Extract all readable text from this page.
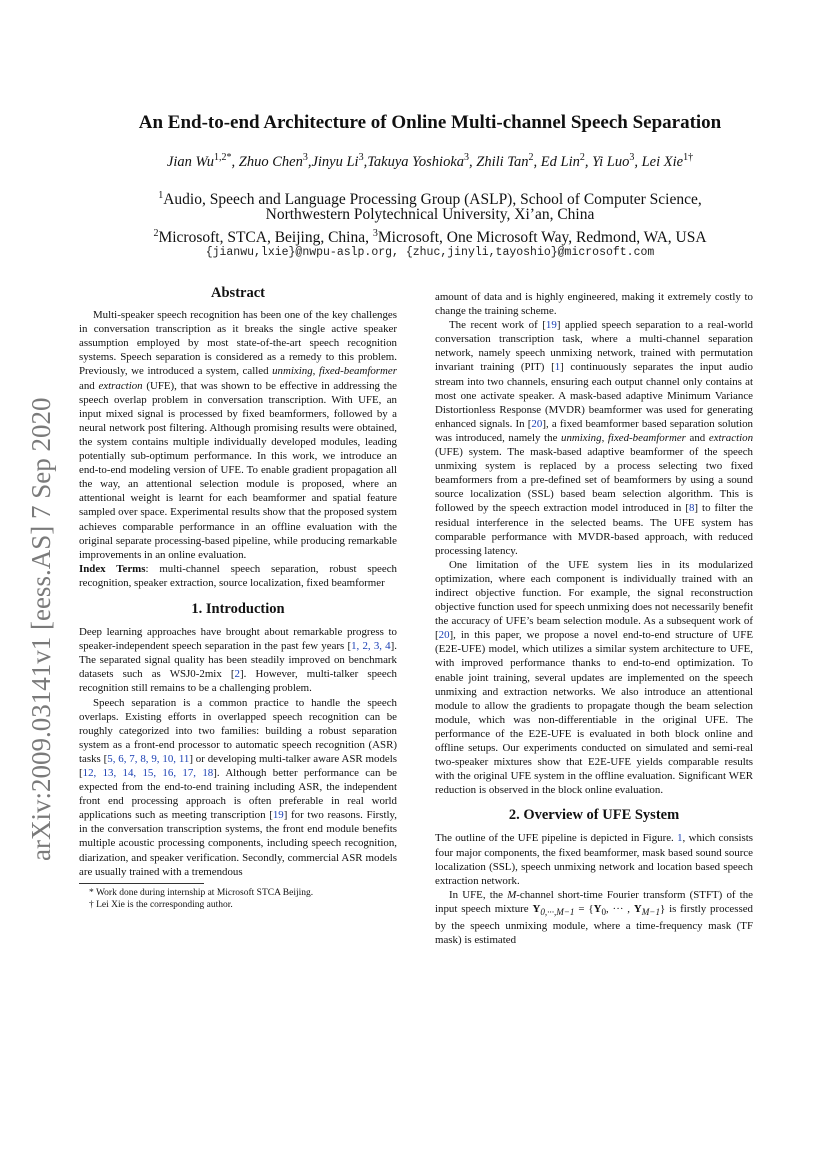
arXiv:2009.03141v1 [eess.AS] 7 Sep 2020
An End-to-end Architecture of Online Multi-channel Speech Separation
Jian $Wu^{1,2*}$, Zhuo Chen$^3$,Jinyu Li$^3$,Takuya Yoshioka$^3$, Zhili Tan$^2$, Ed Lin$^2$, Yi Luo$^3$, Lei Xie$^{1\dagger}$
$^1$Audio, Speech and Language Processing Group (ASLP), School of Computer Science,
Northwestern Polytechnical University, Xi’an, China
$^2$Microsoft, STCA, Beijing, China, $^3$Microsoft, One Microsoft Way, Redmond, WA, USA
{jianwu,lxie}@nwpu-aslp.org, {zhuc,jinyli,tayoshio}@microsoft.com
Abstract

Multi-speaker speech recognition has been one of the key challenges in conversation transcription as it breaks the single active speaker assumption employed by most state-of-the-art speech recognition systems. Speech separation is considered as a remedy to this problem. Previously, we introduced a system, called unmixing, fixed-beamformer and extraction (UFE), that was shown to be effective in addressing the speech overlap problem in conversation transcription. With UFE, an input mixed signal is processed by fixed beamformers, followed by a neural network post filtering. Although promising results were obtained, the system contains multiple individually developed modules, leading potentially sub-optimum performance. In this work, we introduce an end-to-end modeling version of UFE. To enable gradient propagation all the way, an attentional selection module is proposed, where an attentional weight is learnt for each beamformer and spatial feature sampled over space. Experimental results show that the proposed system achieves comparable performance in an offline evaluation with the original separate processing-based pipeline, while producing remarkable improvements in an online evaluation.

Index Terms: multi-channel speech separation, robust speech recognition, speaker extraction, source localization, fixed beamformer

1. Introduction

Deep learning approaches have brought about remarkable progress to speaker-independent speech separation in the past few years [1, 2, 3, 4]. The separated signal quality has been steadily improved on benchmark datasets such as WSJ0-2mix [2]. However, multi-talker speech recognition still remains to be a challenging problem.

Speech separation is a common practice to handle the speech overlaps. Existing efforts in overlapped speech recognition can be roughly categorized into two families: building a robust separation system as a front-end processor to automatic speech recognition (ASR) tasks [5, 6, 7, 8, 9, 10, 11] or developing multi-talker aware ASR models [12, 13, 14, 15, 16, 17, 18]. Although better performance can be expected from the end-to-end training including ASR, the independent front end processing approach is often preferable in real world applications such as meeting transcription [19] for two reasons. Firstly, in the conversation transcription systems, the front end module benefits multiple acoustic processing components, including speech recognition, diarization, and speaker verification. Secondly, commercial ASR models are usually trained with a tremendous

* Work done during internship at Microsoft STCA Beijing.

† Lei Xie is the corresponding author.

amount of data and is highly engineered, making it extremely costly to change the training scheme.

The recent work of [19] applied speech separation to a real-world conversation transcription task, where a multi-channel separation network, namely speech unmixing network, trained with permutation invariant training (PIT) [1] continuously separates the input audio stream into two channels, ensuring each output channel only contains at most one activate speaker. A mask-based adaptive Minimum Variance Distortionless Response (MVDR) beamformer was used for generating enhanced signals. In [20], a fixed beamformer based separation solution was introduced, namely the unmixing, fixed-beamformer and extraction (UFE) system. The mask-based adaptive beamformer of the speech unmixing system is replaced by a process selecting two fixed beamformers from a pre-defined set of beamformers by using a sound source localization (SSL) based beam selection algorithm. This is followed by the speech extraction model introduced in [8] to filter the residual interference in the selected beams. The UFE system has comparable performance with MVDR-based approach, with reduced processing latency.

One limitation of the UFE system lies in its modularized optimization, where each component is individually trained with an indirect objective function. For example, the signal reconstruction objective function used for speech unmixing does not necessarily benefit the accuracy of UFE’s beam selection module. As a subsequent work of [20], in this paper, we propose a novel end-to-end structure of UFE (E2E-UFE) model, which utilizes a similar system architecture to UFE, with improved performance thanks to end-to-end optimization. To enable joint training, several updates are implemented on the speech unmixing and extraction networks. We also introduce an attentional module to allow the gradients to propagate though the beam selection module, which was non-differentiable in the original UFE. The performance of the E2E-UFE is evaluated in both block online and offline setups. Our experiments conducted on simulated and semi-real two-speaker mixtures show that E2E-UFE yields comparable results with the original UFE system in the offline evaluation. Significant WER reduction is observed in the block online evaluation.

2. Overview of UFE System

The outline of the UFE pipeline is depicted in Figure. 1, which consists four major components, the fixed beamformer, mask based sound source localization (SSL), speech unmixing network and location based speech extraction network.

In UFE, the M-channel short-time Fourier transform (STFT) of the input speech mixture $Y_{0,\cdot\cdot\cdot,M-1} = \{Y_0$, ··· , $Y_{M-1}$} is firstly processed by the speech unmixing module, where a time-frequency mask (TF mask) is estimated
